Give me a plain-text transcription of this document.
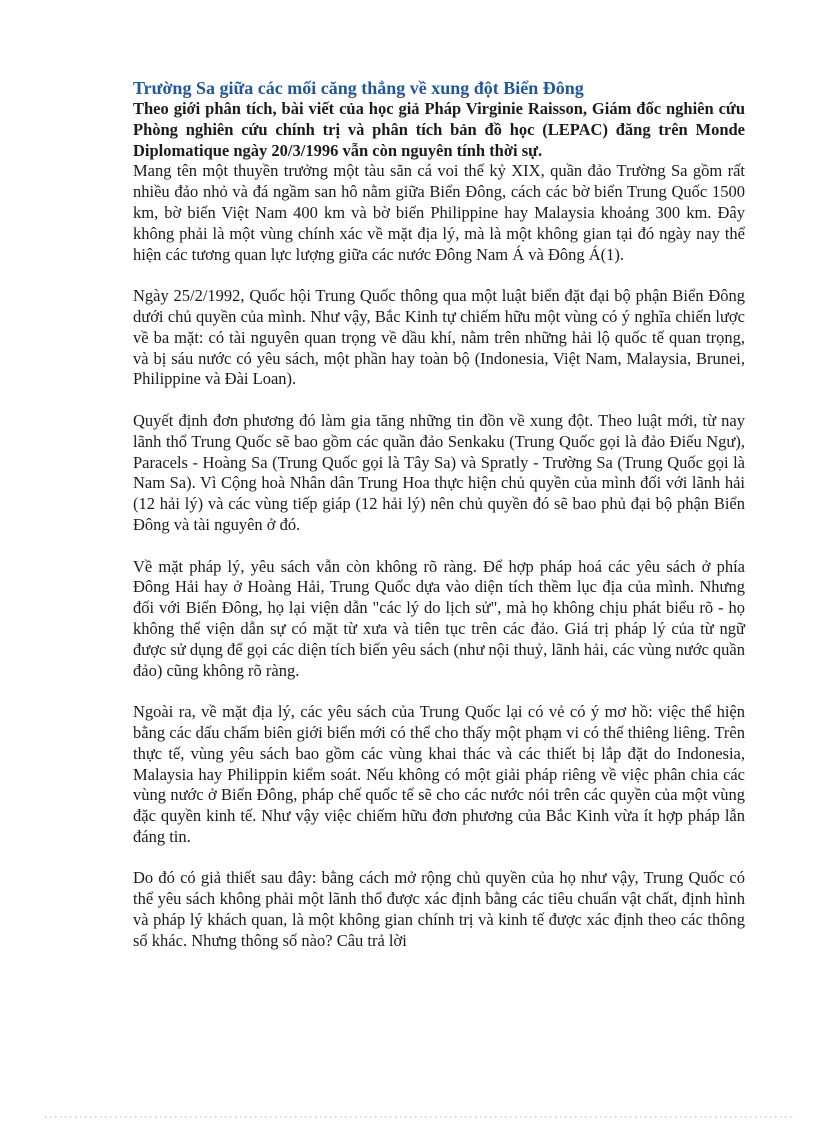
Trường Sa giữa các mối căng thẳng về xung đột Biển Đông

Theo giới phân tích, bài viết của học giả Pháp Virginie Raisson, Giám đốc nghiên cứu Phòng nghiên cứu chính trị và phân tích bản đồ học (LEPAC) đăng trên Monde Diplomatique ngày 20/3/1996 vẫn còn nguyên tính thời sự.

Mang tên một thuyền trưởng một tàu săn cá voi thế kỷ XIX, quần đảo Trường Sa gồm rất nhiều đảo nhỏ và đá ngầm san hô nằm giữa Biển Đông, cách các bờ biển Trung Quốc 1500 km, bờ biển Việt Nam 400 km và bờ biển Philippine hay Malaysia khoảng 300 km. Đây không phải là một vùng chính xác về mặt địa lý, mà là một không gian tại đó ngày nay thể hiện các tương quan lực lượng giữa các nước Đông Nam Á và Đông Á(1).

Ngày 25/2/1992, Quốc hội Trung Quốc thông qua một luật biển đặt đại bộ phận Biển Đông dưới chủ quyền của mình. Như vậy, Bắc Kinh tự chiếm hữu một vùng có ý nghĩa chiến lược về ba mặt: có tài nguyên quan trọng về dầu khí, nằm trên những hải lộ quốc tế quan trọng, và bị sáu nước có yêu sách, một phần hay toàn bộ (Indonesia, Việt Nam, Malaysia, Brunei, Philippine và Đài Loan).

Quyết định đơn phương đó làm gia tăng những tin đồn về xung đột. Theo luật mới, từ nay lãnh thổ Trung Quốc sẽ bao gồm các quần đảo Senkaku (Trung Quốc gọi là đảo Điếu Ngư), Paracels - Hoàng Sa (Trung Quốc gọi là Tây Sa) và Spratly - Trường Sa (Trung Quốc gọi là Nam Sa). Vì Cộng hoà Nhân dân Trung Hoa thực hiện chủ quyền của mình đối với lãnh hải (12 hải lý) và các vùng tiếp giáp (12 hải lý) nên chủ quyền đó sẽ bao phủ đại bộ phận Biển Đông và tài nguyên ở đó.

Về mặt pháp lý, yêu sách vẫn còn không rõ ràng. Để hợp pháp hoá các yêu sách ở phía Đông Hải hay ở Hoàng Hải, Trung Quốc dựa vào diện tích thềm lục địa của mình. Nhưng đối với Biển Đông, họ lại viện dẫn "các lý do lịch sử", mà họ không chịu phát biểu rõ - họ không thể viện dẫn sự có mặt từ xưa và tiên tục trên các đảo. Giá trị pháp lý của từ ngữ được sử dụng để gọi các diện tích biển yêu sách (như nội thuỷ, lãnh hải, các vùng nước quần đảo) cũng không rõ ràng.

Ngoài ra, về mặt địa lý, các yêu sách của Trung Quốc lại có vẻ có ý mơ hồ: việc thể hiện bằng các dấu chấm biên giới biển mới có thể cho thấy một phạm vi có thể thiêng liêng. Trên thực tế, vùng yêu sách bao gồm các vùng khai thác và các thiết bị lắp đặt do Indonesia, Malaysia hay Philippin kiểm soát. Nếu không có một giải pháp riêng về việc phân chia các vùng nước ở Biển Đông, pháp chế quốc tế sẽ cho các nước nói trên các quyền của một vùng đặc quyền kinh tế. Như vậy việc chiếm hữu đơn phương của Bắc Kinh vừa ít hợp pháp lẫn đáng tin.

Do đó có giả thiết sau đây: bằng cách mở rộng chủ quyền của họ như vậy, Trung Quốc có thể yêu sách không phải một lãnh thổ được xác định bằng các tiêu chuẩn vật chất, định hình và pháp lý khách quan, là một không gian chính trị và kinh tế được xác định theo các thông số khác. Nhưng thông số nào? Câu trả lời
